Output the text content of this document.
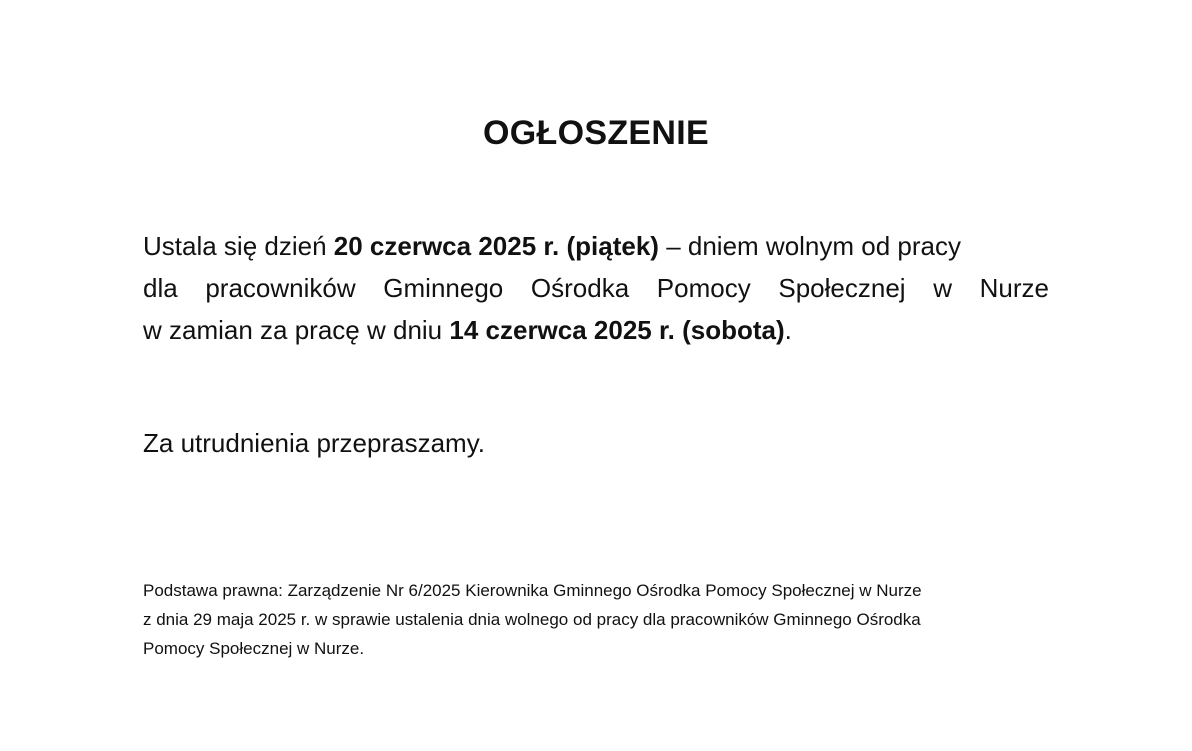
OGŁOSZENIE
Ustala się dzień 20 czerwca 2025 r. (piątek) – dniem wolnym od pracy
dla pracowników Gminnego Ośrodka Pomocy Społecznej w Nurze
w zamian za pracę w dniu 14 czerwca 2025 r. (sobota).
Za utrudnienia przepraszamy.
Podstawa prawna: Zarządzenie Nr 6/2025 Kierownika Gminnego Ośrodka Pomocy Społecznej w Nurze
z dnia 29 maja 2025 r. w sprawie ustalenia dnia wolnego od pracy dla pracowników Gminnego Ośrodka
Pomocy Społecznej w Nurze.
